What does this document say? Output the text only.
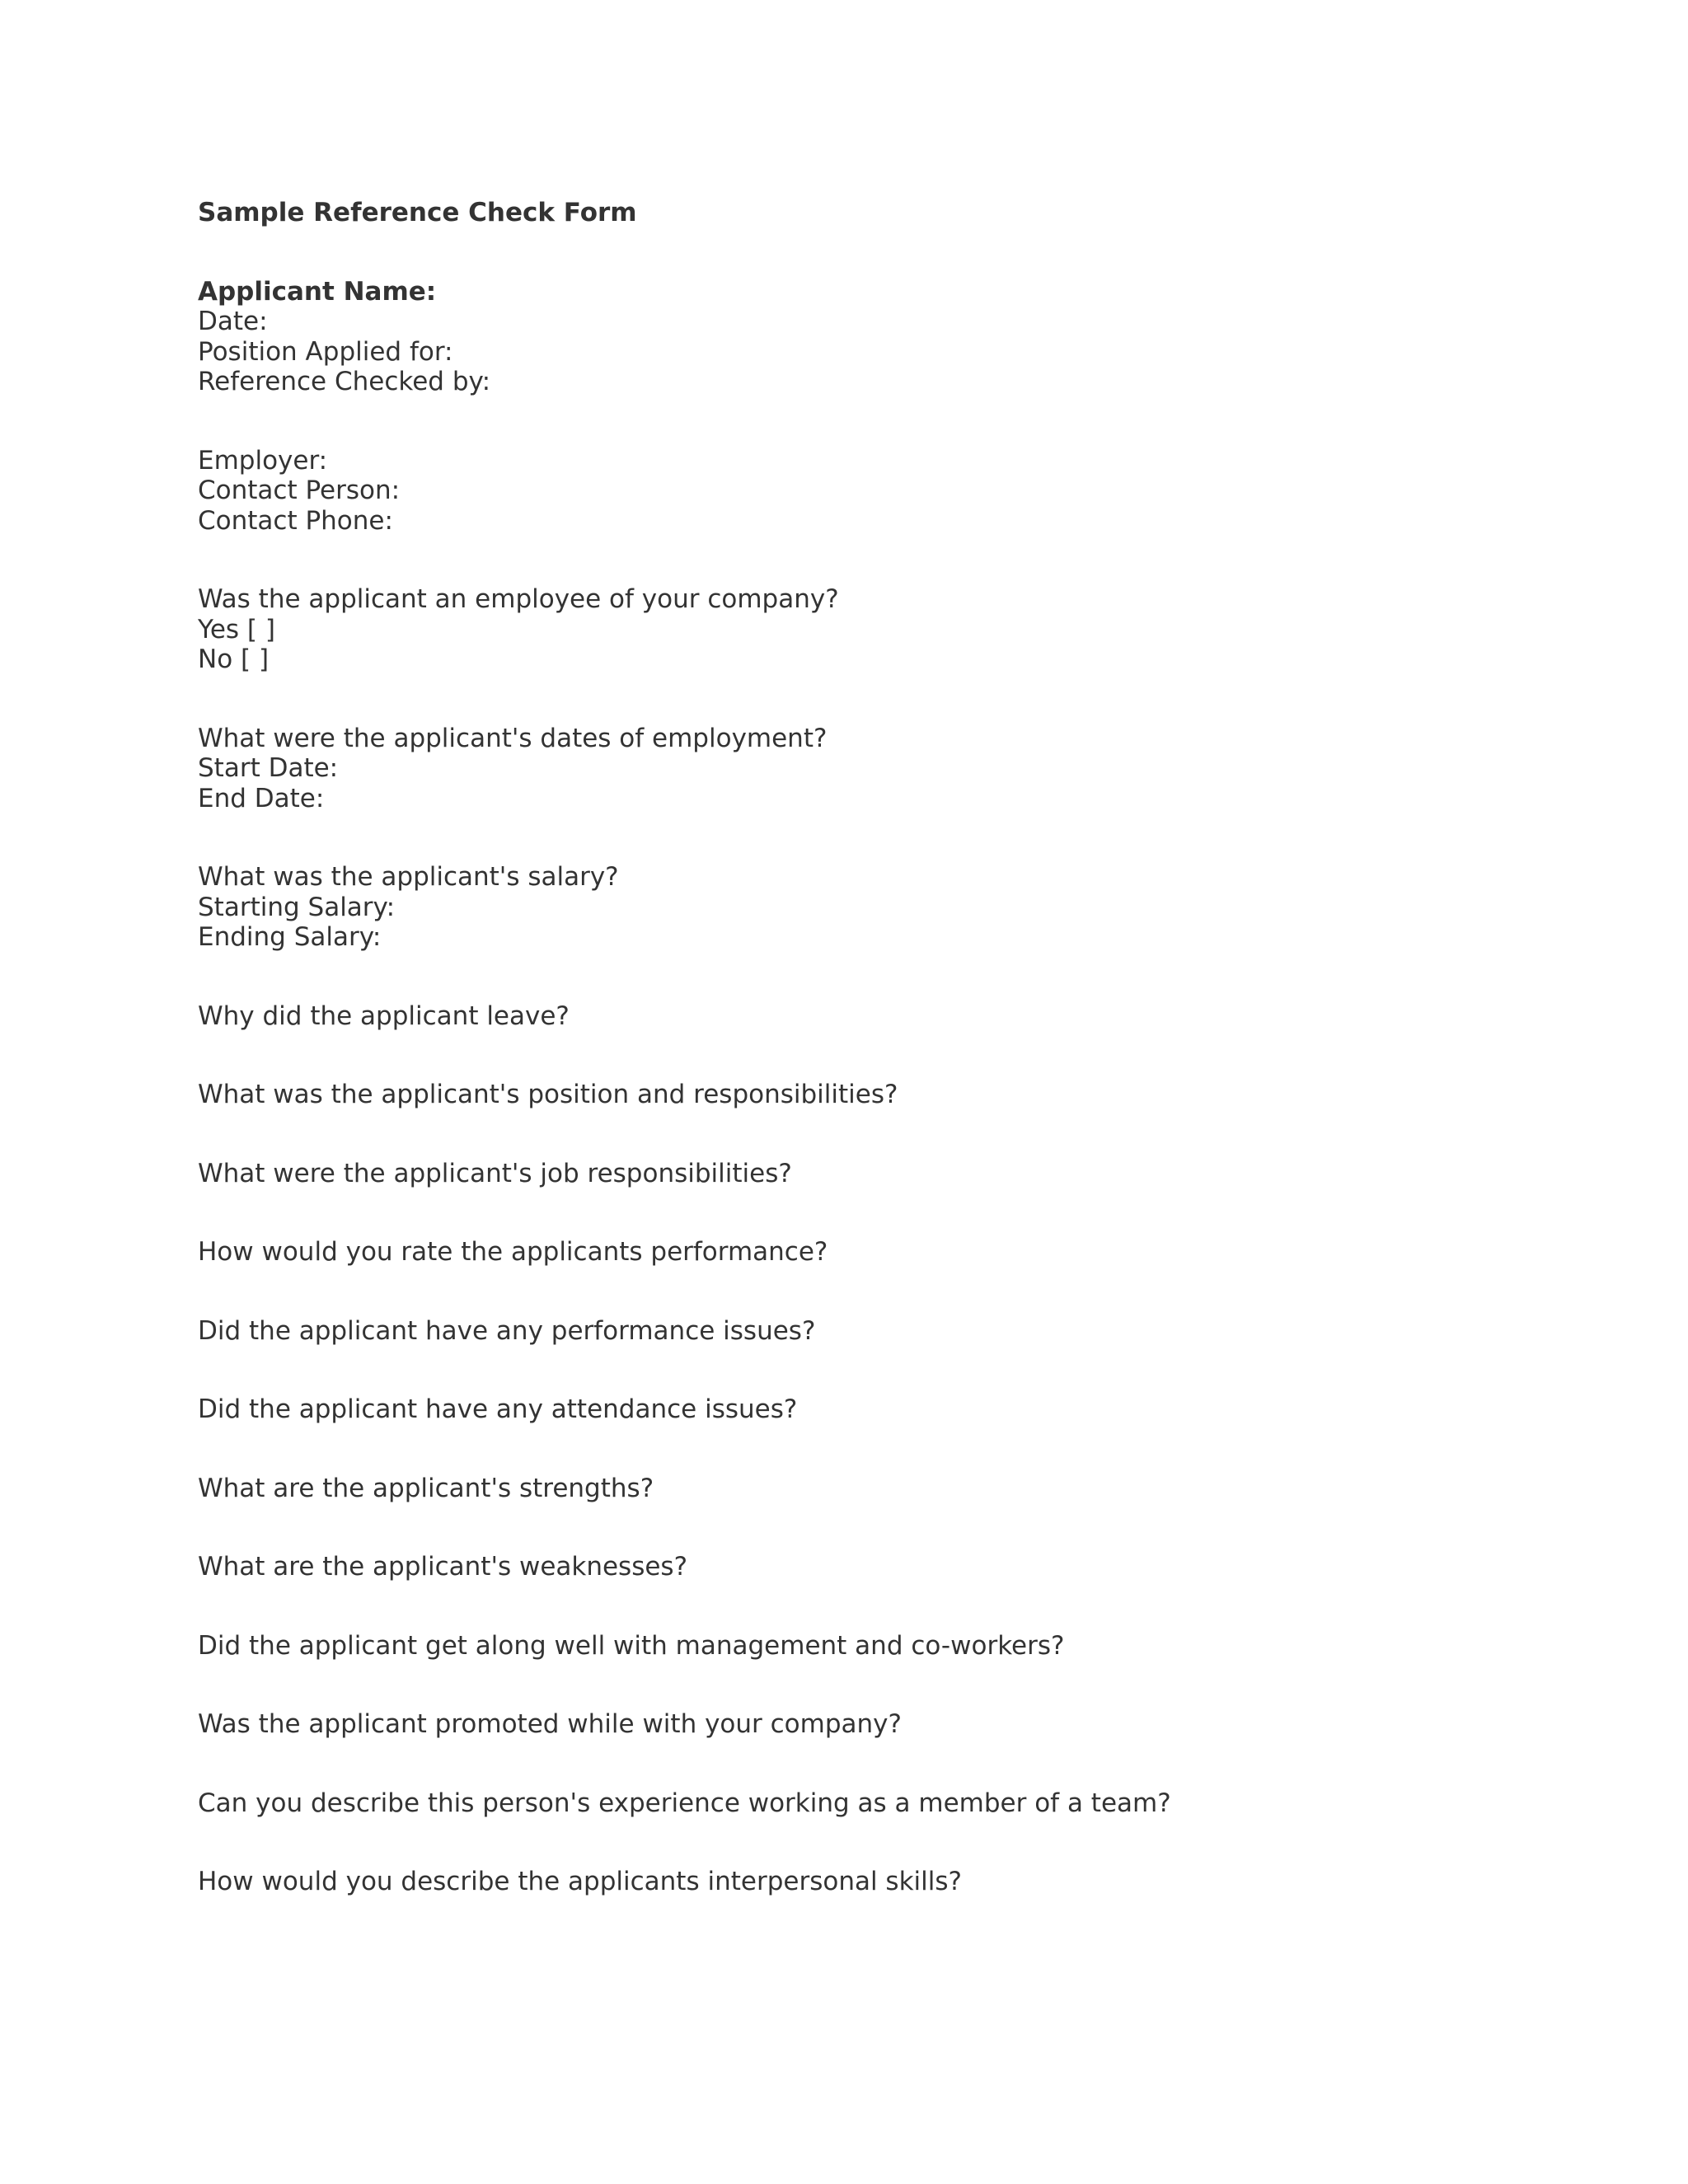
Sample Reference Check Form
Applicant Name:
Date:
Position Applied for:
Reference Checked by:
Employer:
Contact Person:
Contact Phone:
Was the applicant an employee of your company?
Yes [ ]
No [ ]
What were the applicant's dates of employment?
Start Date:
End Date:
What was the applicant's salary?
Starting Salary:
Ending Salary:
Why did the applicant leave?
What was the applicant's position and responsibilities?
What were the applicant's job responsibilities?
How would you rate the applicants performance?
Did the applicant have any performance issues?
Did the applicant have any attendance issues?
What are the applicant's strengths?
What are the applicant's weaknesses?
Did the applicant get along well with management and co-workers?
Was the applicant promoted while with your company?
Can you describe this person's experience working as a member of a team?
How would you describe the applicants interpersonal skills?
